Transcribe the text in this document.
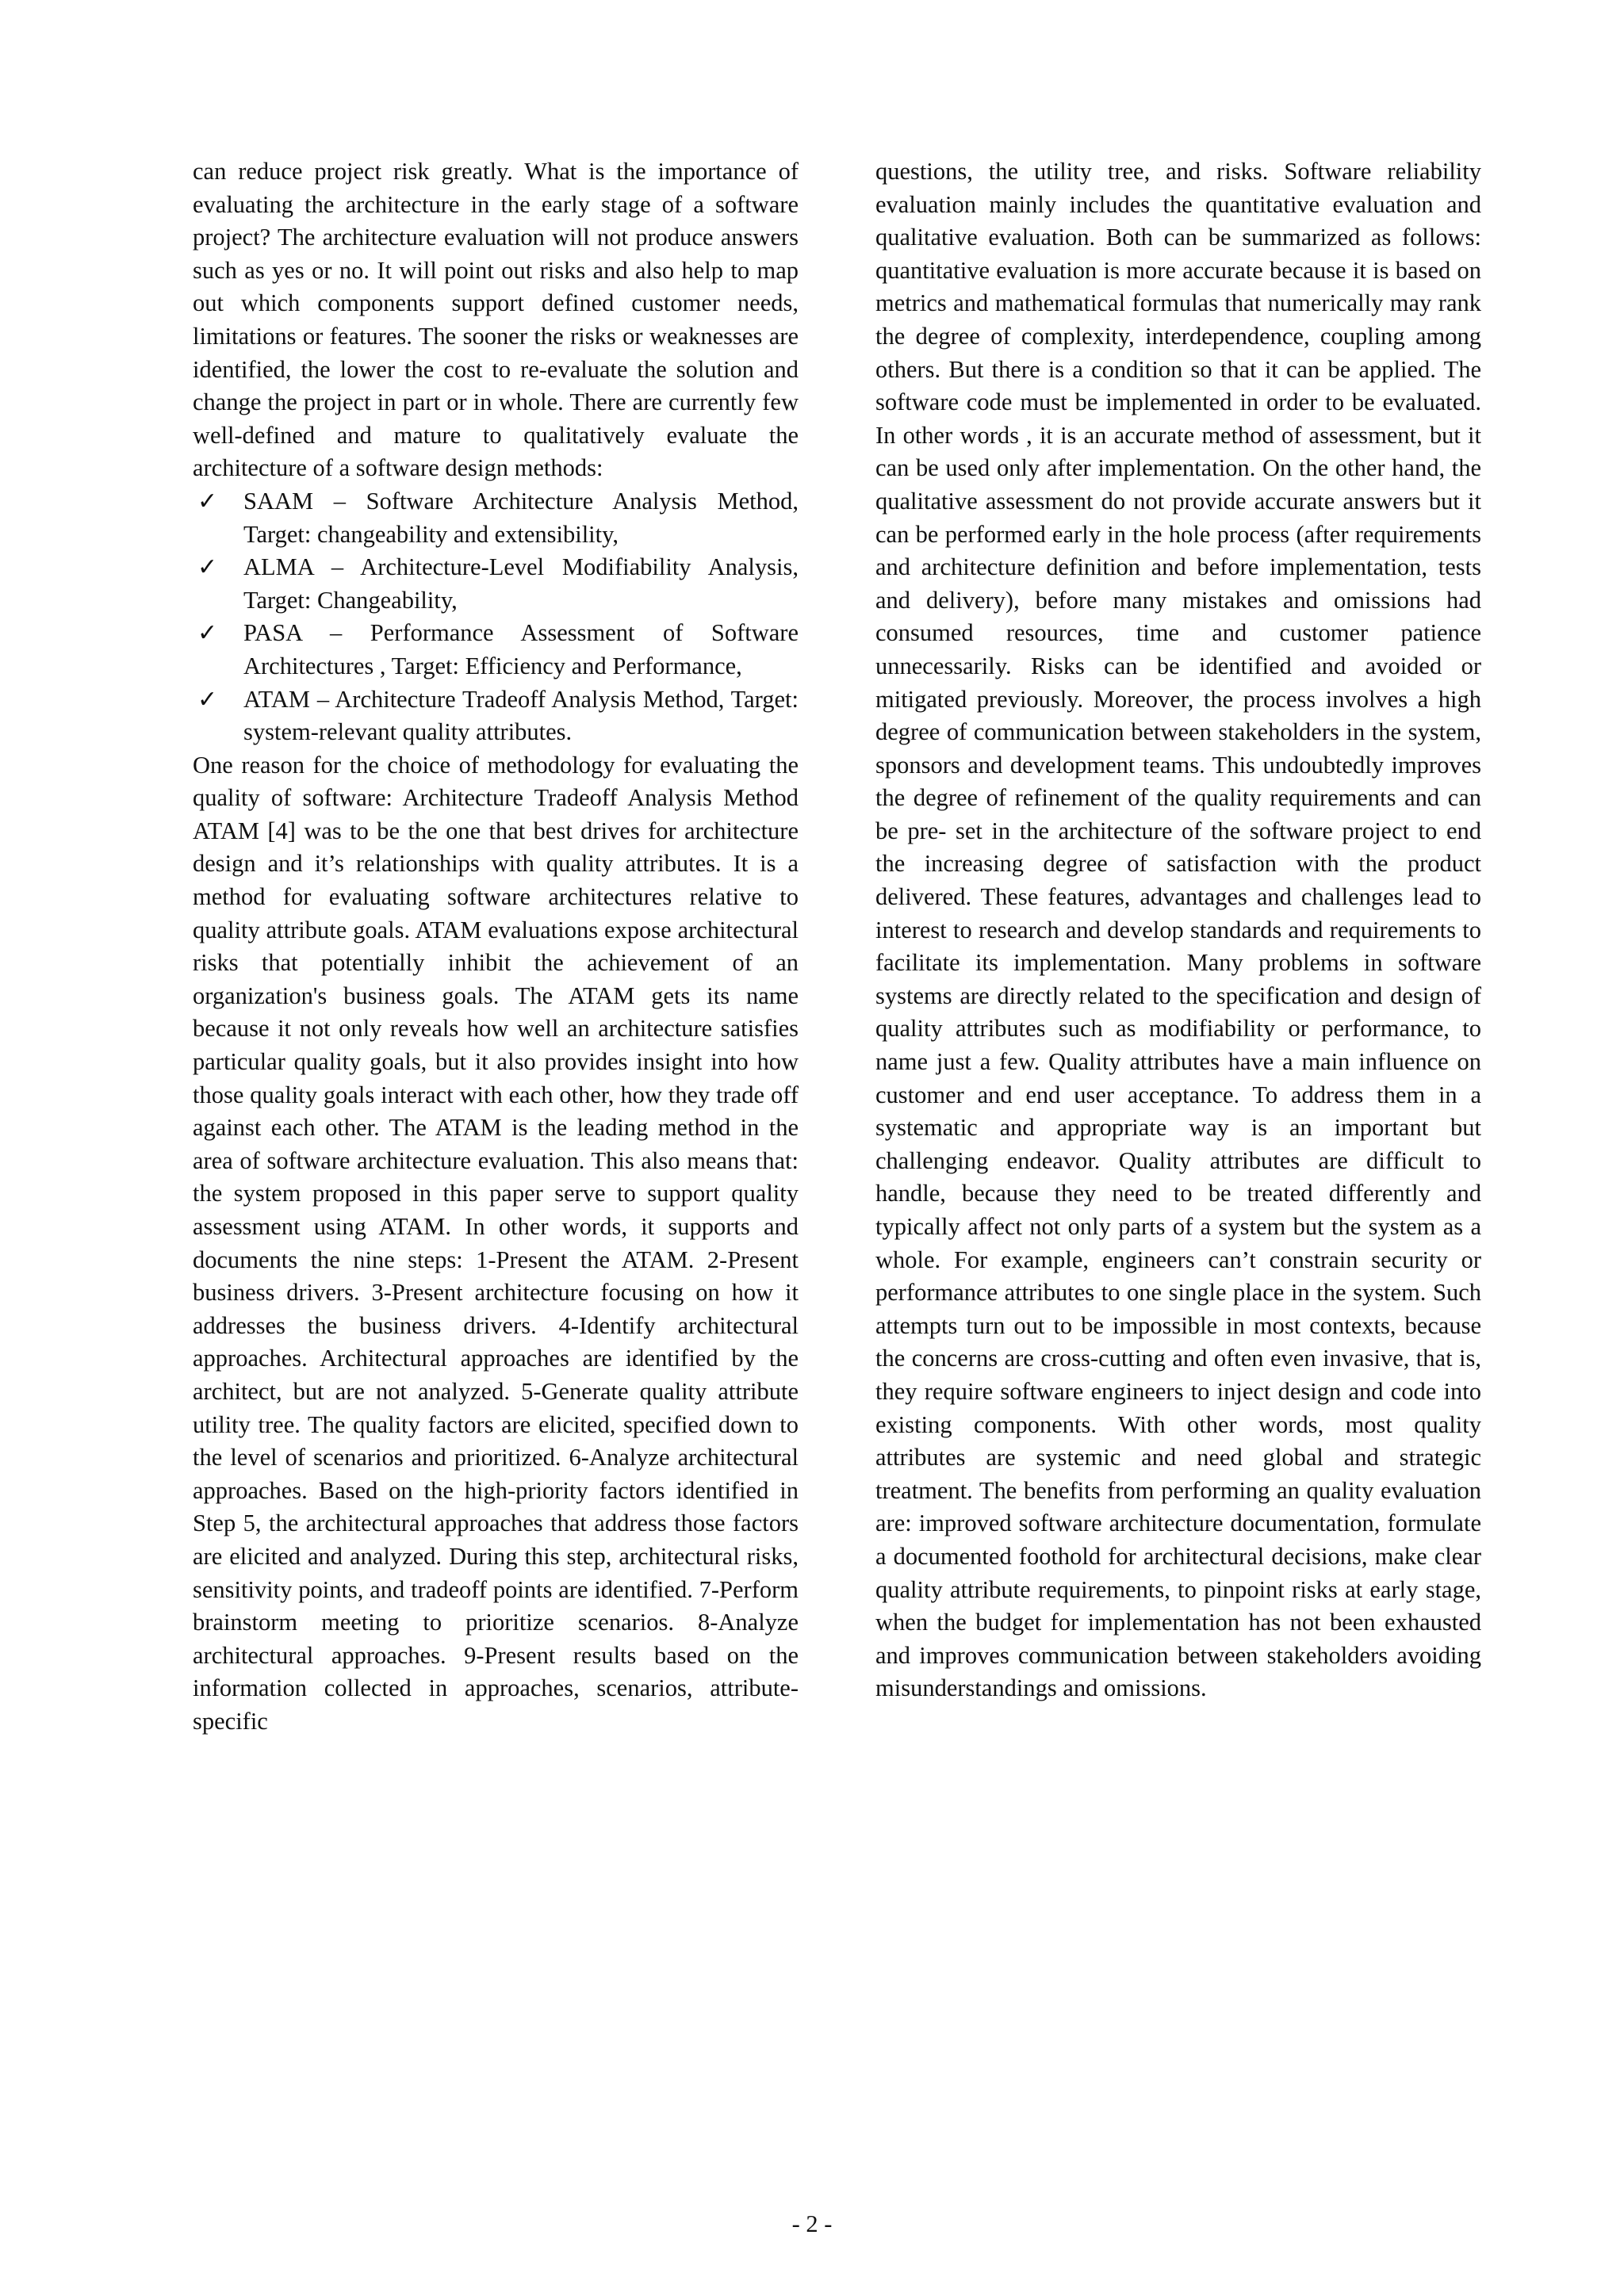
can reduce project risk greatly. What is the importance of evaluating the architecture in the early stage of a software project? The architecture evaluation will not produce answers such as yes or no. It will point out risks and also help to map out which components support defined customer needs, limitations or features. The sooner the risks or weaknesses are identified, the lower the cost to re-evaluate the solution and change the project in part or in whole. There are currently few well-defined and mature to qualitatively evaluate the architecture of a software design methods:

✓ SAAM – Software Architecture Analysis Method, Target: changeability and extensibility,
✓ ALMA – Architecture-Level Modifiability Analysis, Target: Changeability,
✓ PASA – Performance Assessment of Software Architectures , Target: Efficiency and Performance,
✓ ATAM – Architecture Tradeoff Analysis Method, Target: system-relevant quality attributes.

One reason for the choice of methodology for evaluating the quality of software: Architecture Tradeoff Analysis Method ATAM [4] was to be the one that best drives for architecture design and it’s relationships with quality attributes. It is a method for evaluating software architectures relative to quality attribute goals. ATAM evaluations expose architectural risks that potentially inhibit the achievement of an organization's business goals. The ATAM gets its name because it not only reveals how well an architecture satisfies particular quality goals, but it also provides insight into how those quality goals interact with each other, how they trade off against each other. The ATAM is the leading method in the area of software architecture evaluation. This also means that: the system proposed in this paper serve to support quality assessment using ATAM. In other words, it supports and documents the nine steps: 1-Present the ATAM. 2-Present business drivers. 3-Present architecture focusing on how it addresses the business drivers. 4-Identify architectural approaches. Architectural approaches are identified by the architect, but are not analyzed. 5-Generate quality attribute utility tree. The quality factors are elicited, specified down to the level of scenarios and prioritized. 6-Analyze architectural approaches. Based on the high-priority factors identified in Step 5, the architectural approaches that address those factors are elicited and analyzed. During this step, architectural risks, sensitivity points, and tradeoff points are identified. 7-Perform brainstorm meeting to prioritize scenarios. 8-Analyze architectural approaches. 9-Present results based on the information collected in approaches, scenarios, attribute-specific

questions, the utility tree, and risks. Software reliability evaluation mainly includes the quantitative evaluation and qualitative evaluation. Both can be summarized as follows: quantitative evaluation is more accurate because it is based on metrics and mathematical formulas that numerically may rank the degree of complexity, interdependence, coupling among others. But there is a condition so that it can be applied. The software code must be implemented in order to be evaluated. In other words , it is an accurate method of assessment, but it can be used only after implementation. On the other hand, the qualitative assessment do not provide accurate answers but it can be performed early in the hole process (after requirements and architecture definition and before implementation, tests and delivery), before many mistakes and omissions had consumed resources, time and customer patience unnecessarily. Risks can be identified and avoided or mitigated previously. Moreover, the process involves a high degree of communication between stakeholders in the system, sponsors and development teams. This undoubtedly improves the degree of refinement of the quality requirements and can be pre- set in the architecture of the software project to end the increasing degree of satisfaction with the product delivered. These features, advantages and challenges lead to interest to research and develop standards and requirements to facilitate its implementation. Many problems in software systems are directly related to the specification and design of quality attributes such as modifiability or performance, to name just a few. Quality attributes have a main influence on customer and end user acceptance. To address them in a systematic and appropriate way is an important but challenging endeavor. Quality attributes are difficult to handle, because they need to be treated differently and typically affect not only parts of a system but the system as a whole. For example, engineers can’t constrain security or performance attributes to one single place in the system. Such attempts turn out to be impossible in most contexts, because the concerns are cross-cutting and often even invasive, that is, they require software engineers to inject design and code into existing components. With other words, most quality attributes are systemic and need global and strategic treatment. The benefits from performing an quality evaluation are: improved software architecture documentation, formulate a documented foothold for architectural decisions, make clear quality attribute requirements, to pinpoint risks at early stage, when the budget for implementation has not been exhausted and improves communication between stakeholders avoiding misunderstandings and omissions.

- 2 -
